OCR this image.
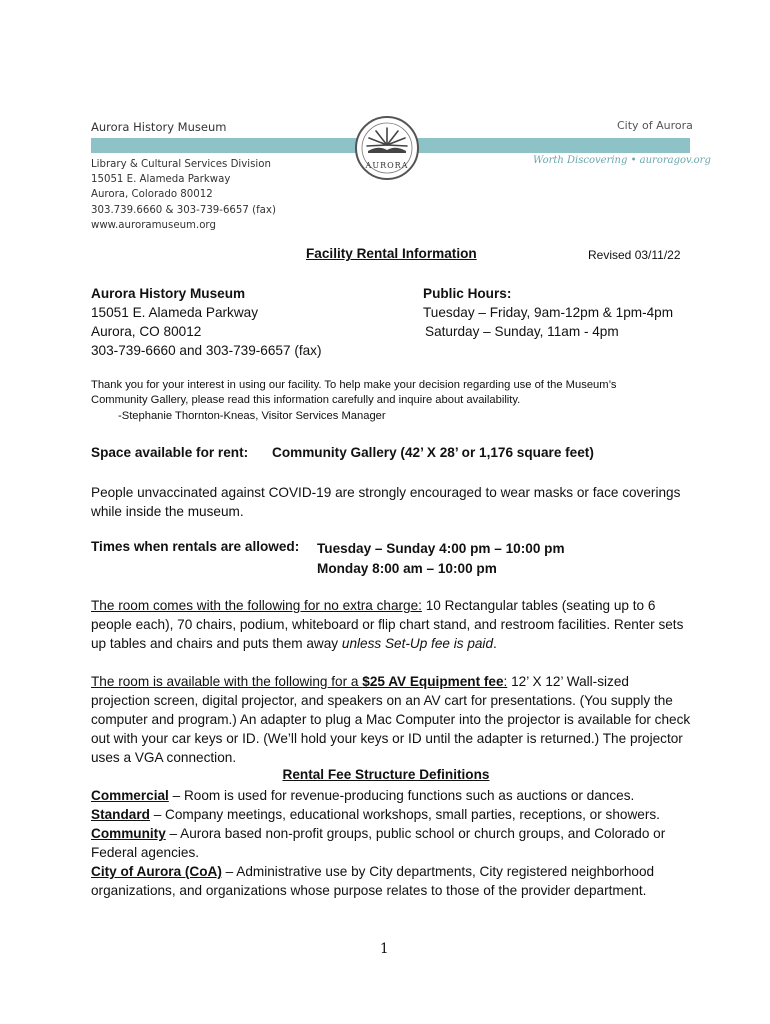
Aurora History Museum	City of Aurora
AURORA
Library & Cultural Services Division
15051 E. Alameda Parkway
Aurora, Colorado 80012
303.739.6660 & 303-739-6657 (fax)
www.auroramuseum.org
Worth Discovering • auroragov.org
Facility Rental Information	Revised 03/11/22
Aurora History Museum
15051 E. Alameda Parkway
Aurora, CO 80012
303-739-6660 and 303-739-6657 (fax)
Public Hours:
Tuesday – Friday, 9am-12pm & 1pm-4pm
Saturday – Sunday, 11am - 4pm
Thank you for your interest in using our facility. To help make your decision regarding use of the Museum’s
Community Gallery, please read this information carefully and inquire about availability.
-Stephanie Thornton-Kneas, Visitor Services Manager
Space available for rent: Community Gallery (42’ X 28’ or 1,176 square feet)
People unvaccinated against COVID-19 are strongly encouraged to wear masks or face coverings while inside the museum.
Times when rentals are allowed: Tuesday – Sunday 4:00 pm – 10:00 pm
Monday 8:00 am – 10:00 pm
The room comes with the following for no extra charge: 10 Rectangular tables (seating up to 6 people each), 70 chairs, podium, whiteboard or flip chart stand, and restroom facilities. Renter sets up tables and chairs and puts them away unless Set-Up fee is paid.
The room is available with the following for a $25 AV Equipment fee: 12’ X 12’ Wall-sized projection screen, digital projector, and speakers on an AV cart for presentations. (You supply the computer and program.) An adapter to plug a Mac Computer into the projector is available for check out with your car keys or ID. (We’ll hold your keys or ID until the adapter is returned.) The projector uses a VGA connection.
Rental Fee Structure Definitions
Commercial – Room is used for revenue-producing functions such as auctions or dances.
Standard – Company meetings, educational workshops, small parties, receptions, or showers.
Community – Aurora based non-profit groups, public school or church groups, and Colorado or Federal agencies.
City of Aurora (CoA) – Administrative use by City departments, City registered neighborhood organizations, and organizations whose purpose relates to those of the provider department.
1
